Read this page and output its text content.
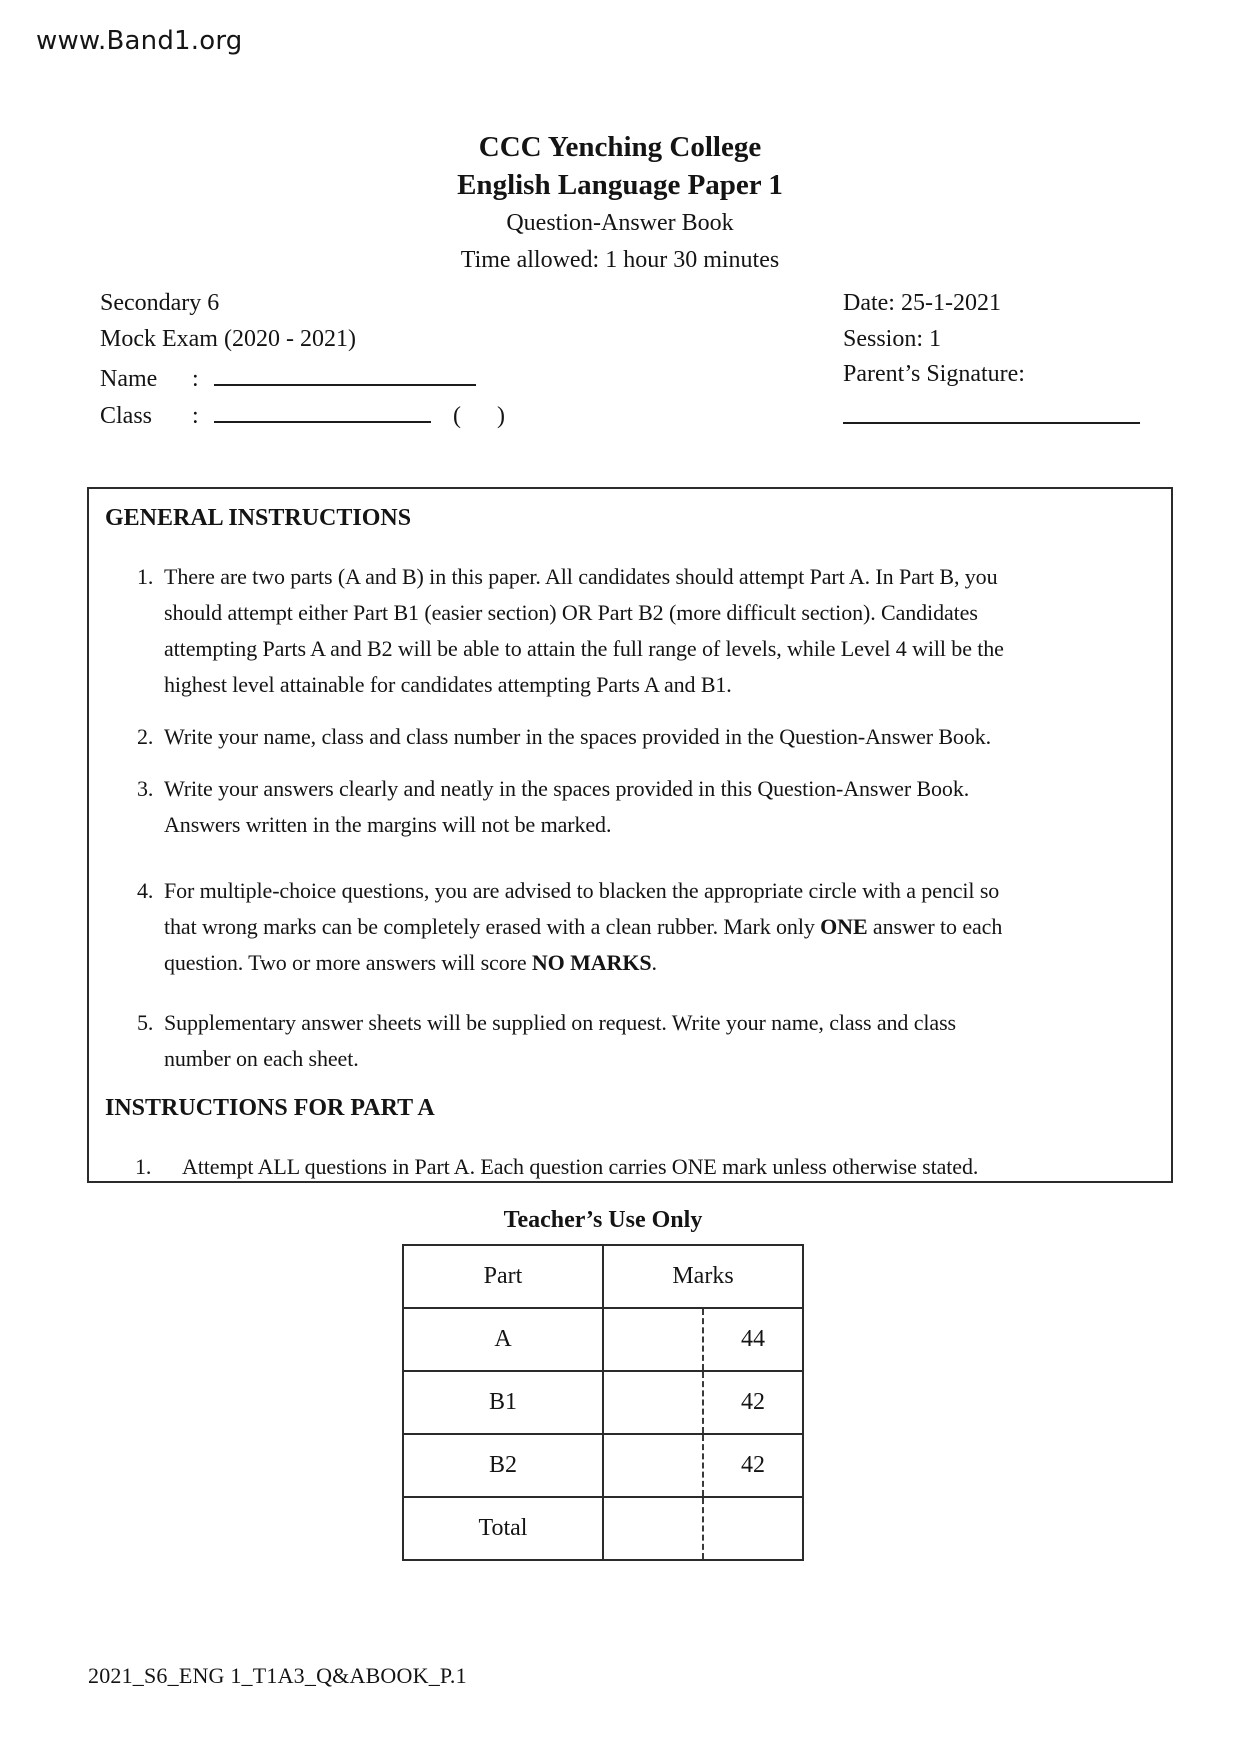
www.Band1.org
CCC Yenching College
English Language Paper 1
Question-Answer Book
Time allowed: 1 hour 30 minutes
Secondary 6
Mock Exam (2020 - 2021)
Name :
Class :	( )
Date: 25-1-2021
Session: 1
Parent’s Signature:
GENERAL INSTRUCTIONS
1. There are two parts (A and B) in this paper. All candidates should attempt Part A. In Part B, you
should attempt either Part B1 (easier section) OR Part B2 (more difficult section). Candidates
attempting Parts A and B2 will be able to attain the full range of levels, while Level 4 will be the
highest level attainable for candidates attempting Parts A and B1.
2. Write your name, class and class number in the spaces provided in the Question-Answer Book.
3. Write your answers clearly and neatly in the spaces provided in this Question-Answer Book.
Answers written in the margins will not be marked.
4. For multiple-choice questions, you are advised to blacken the appropriate circle with a pencil so
that wrong marks can be completely erased with a clean rubber. Mark only ONE answer to each
question. Two or more answers will score NO MARKS.
5. Supplementary answer sheets will be supplied on request. Write your name, class and class
number on each sheet.
INSTRUCTIONS FOR PART A
1. Attempt ALL questions in Part A. Each question carries ONE mark unless otherwise stated.
Teacher’s Use Only
Part	Marks

A	44

B1	42

B2	42

Total	
2021_S6_ENG 1_T1A3_Q&ABOOK_P.1
